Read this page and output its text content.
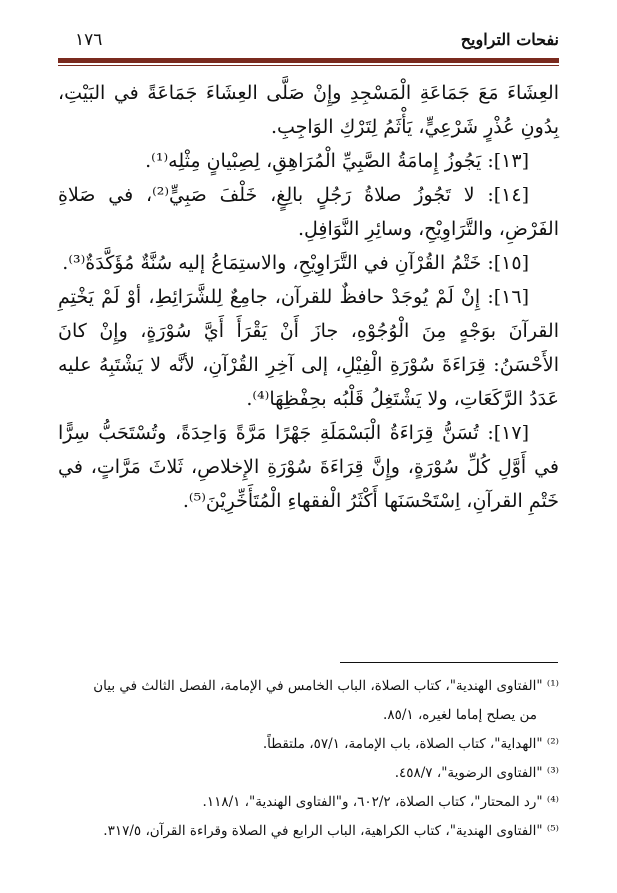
نفحات التراويح
١٧٦

العِشَاءَ مَعَ جَمَاعَةِ الْمَسْجِدِ وإِنْ صَلَّى العِشَاءَ جَمَاعَةً في البَيْتِ، بِدُونِ عُذْرٍ شَرْعِيٍّ، يَأْثَمُ لِتَرْكِ الوَاجِبِ.

[١٣]: يَجُوزُ إِمامَةُ الصَّبِيِّ الْمُرَاهِقِ، لِصِبْيانٍ مِثْلِه⁽¹⁾.

[١٤]: لا تَجُوزُ صلاةُ رَجُلٍ بالِغٍ، خَلْفَ صَبِيٍّ⁽²⁾، في صَلاةِ الفَرْضِ، والتَّرَاوِيْحِ، وسائِرِ النَّوَافِلِ.

[١٥]: خَتْمُ القُرْآنِ في التَّرَاوِيْحِ، والاستِمَاعُ إليه سُنَّةٌ مُؤَكَّدَةٌ⁽³⁾.

[١٦]: إِنْ لَمْ يُوجَدْ حافظٌ للقرآن، جامِعٌ لِلشَّرَائِطِ، أوْ لَمْ يَخْتِمِ القرآنَ بوَجْهٍ مِنَ الْوُجُوْهِ، جازَ أَنْ يَقْرَأَ أَيَّ سُوْرَةٍ، وإِنْ كانَ الأَحْسَنُ: قِرَاءَةَ سُوْرَةِ الْفِيْلِ، إلى آخِرِ القُرْآنِ، لأنَّه لا يَشْتَبِهُ عليه عَدَدُ الرَّكَعَاتِ، ولا يَشْتَغِلُ قَلْبُه بحِفْظِهَا⁽⁴⁾.

[١٧]: تُسَنُّ قِرَاءَةُ الْبَسْمَلَةِ جَهْرًا مَرَّةً وَاحِدَةً، وتُسْتَحَبُّ سِرًّا في أَوَّلِ كُلِّ سُوْرَةٍ، وإِنَّ قِرَاءَةَ سُوْرَةِ الإِخلاصِ، ثَلاثَ مَرَّاتٍ، في خَتْمِ القرآنِ، اِسْتَحْسَنَها أَكْثَرُ الْفقهاءِ الْمُتَأَخِّرِيْنَ⁽⁵⁾.

⁽¹⁾ "الفتاوى الهندية"، كتاب الصلاة، الباب الخامس في الإمامة، الفصل الثالث في بيان

من يصلح إماما لغيره، ٨٥/١.

⁽²⁾ "الهداية"، كتاب الصلاة، باب الإمامة، ٥٧/١، ملتقطاً.

⁽³⁾ "الفتاوى الرضوية"، ٤٥٨/٧.

⁽⁴⁾ "رد المحتار"، كتاب الصلاة، ٦٠٢/٢، و"الفتاوى الهندية"، ١١٨/١.

⁽⁵⁾ "الفتاوى الهندية"، كتاب الكراهية، الباب الرابع في الصلاة وقراءة القرآن، ٣١٧/٥.
